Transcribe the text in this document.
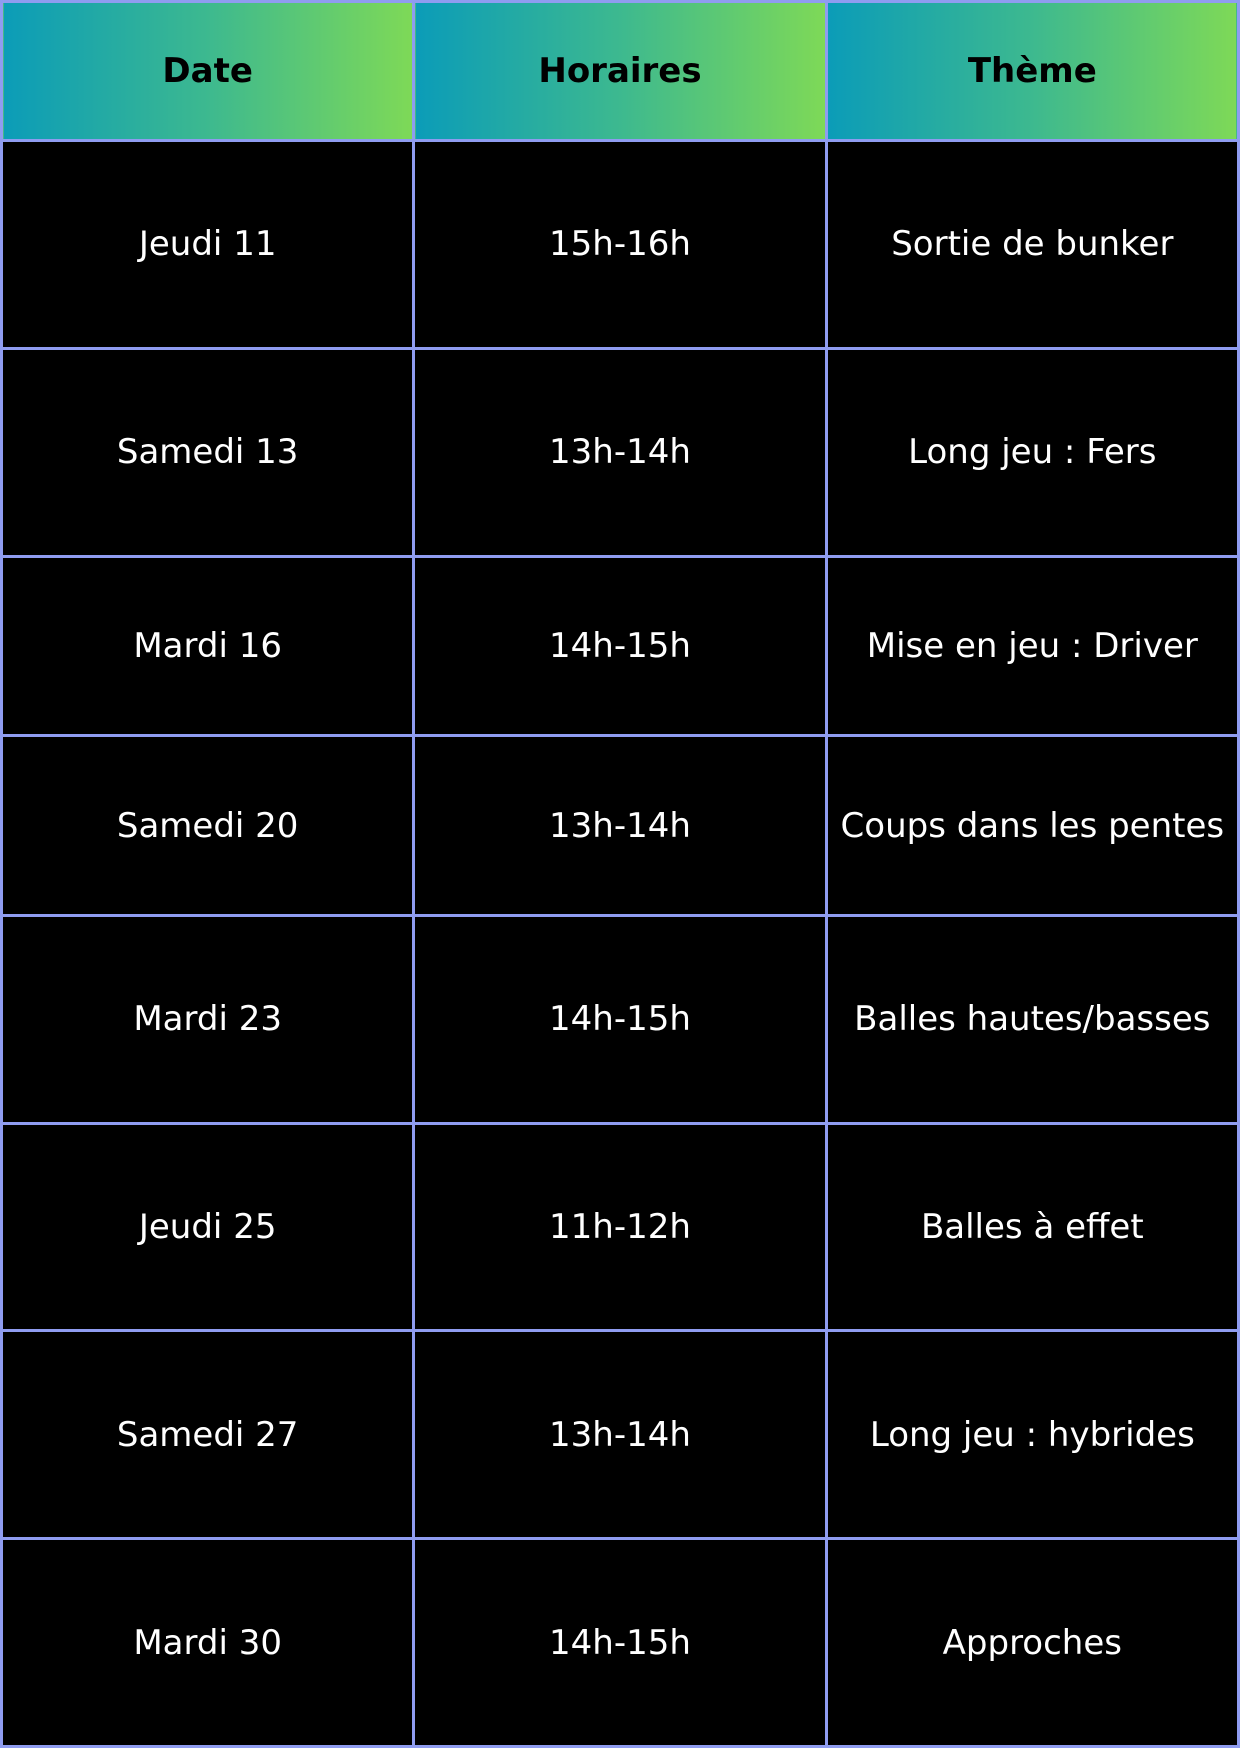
Date	Horaires	Thème
Jeudi 11	15h-16h	Sortie de bunker
Samedi 13	13h-14h	Long jeu : Fers
Mardi 16	14h-15h	Mise en jeu : Driver
Samedi 20	13h-14h	Coups dans les pentes
Mardi 23	14h-15h	Balles hautes/basses
Jeudi 25	11h-12h	Balles à effet
Samedi 27	13h-14h	Long jeu : hybrides
Mardi 30	14h-15h	Approches
